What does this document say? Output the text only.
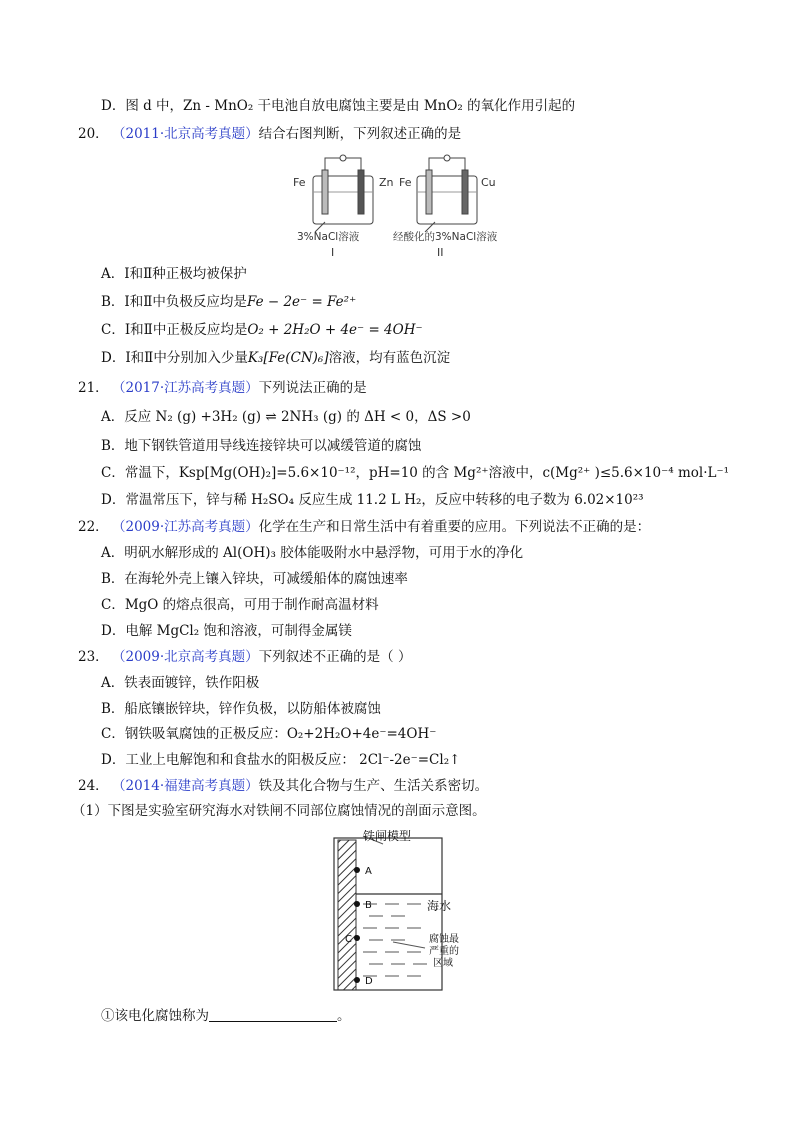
D．图 d 中，Zn - MnO₂ 干电池自放电腐蚀主要是由 MnO₂ 的氧化作用引起的
20． （2011·北京高考真题）结合右图判断，下列叙述正确的是
Fe	Zn Fe	Cu
3%NaCl溶液	经酸化的3%NaCl溶液
I	II
A．Ⅰ和Ⅱ种正极均被保护
B．Ⅰ和Ⅱ中负极反应均是Fe − 2e⁻ = Fe²⁺
C．Ⅰ和Ⅱ中正极反应均是O₂ + 2H₂O + 4e⁻ = 4OH⁻
D．Ⅰ和Ⅱ中分别加入少量K₃[Fe(CN)₆]溶液，均有蓝色沉淀
21． （2017·江苏高考真题）下列说法正确的是
A．反应 N₂ (g) +3H₂ (g) ⇌ 2NH₃ (g) 的 ΔH < 0，ΔS >0
B．地下钢铁管道用导线连接锌块可以减缓管道的腐蚀
C．常温下，Ksp[Mg(OH)₂]=5.6×10⁻¹²，pH=10 的含 Mg²⁺溶液中，c(Mg²⁺ )≤5.6×10⁻⁴ mol·L⁻¹
D．常温常压下，锌与稀 H₂SO₄ 反应生成 11.2 L H₂，反应中转移的电子数为 6.02×10²³
22． （2009·江苏高考真题）化学在生产和日常生活中有着重要的应用。下列说法不正确的是：
A．明矾水解形成的 Al(OH)₃ 胶体能吸附水中悬浮物，可用于水的净化
B．在海轮外壳上镶入锌块，可减缓船体的腐蚀速率
C．MgO 的熔点很高，可用于制作耐高温材料
D．电解 MgCl₂ 饱和溶液，可制得金属镁
23． （2009·北京高考真题）下列叙述不正确的是（ ）
A．铁表面镀锌，铁作阳极
B．船底镶嵌锌块，锌作负极，以防船体被腐蚀
C．钢铁吸氧腐蚀的正极反应：O₂+2H₂O+4e⁻=4OH⁻
D．工业上电解饱和和食盐水的阳极反应： 2Cl⁻-2e⁻=Cl₂↑
24． （2014·福建高考真题）铁及其化合物与生产、生活关系密切。
（1）下图是实验室研究海水对铁闸不同部位腐蚀情况的剖面示意图。
铁闸模型
A
B
C
D
海水
腐蚀最
严重的
区域
①该电化腐蚀称为	。
